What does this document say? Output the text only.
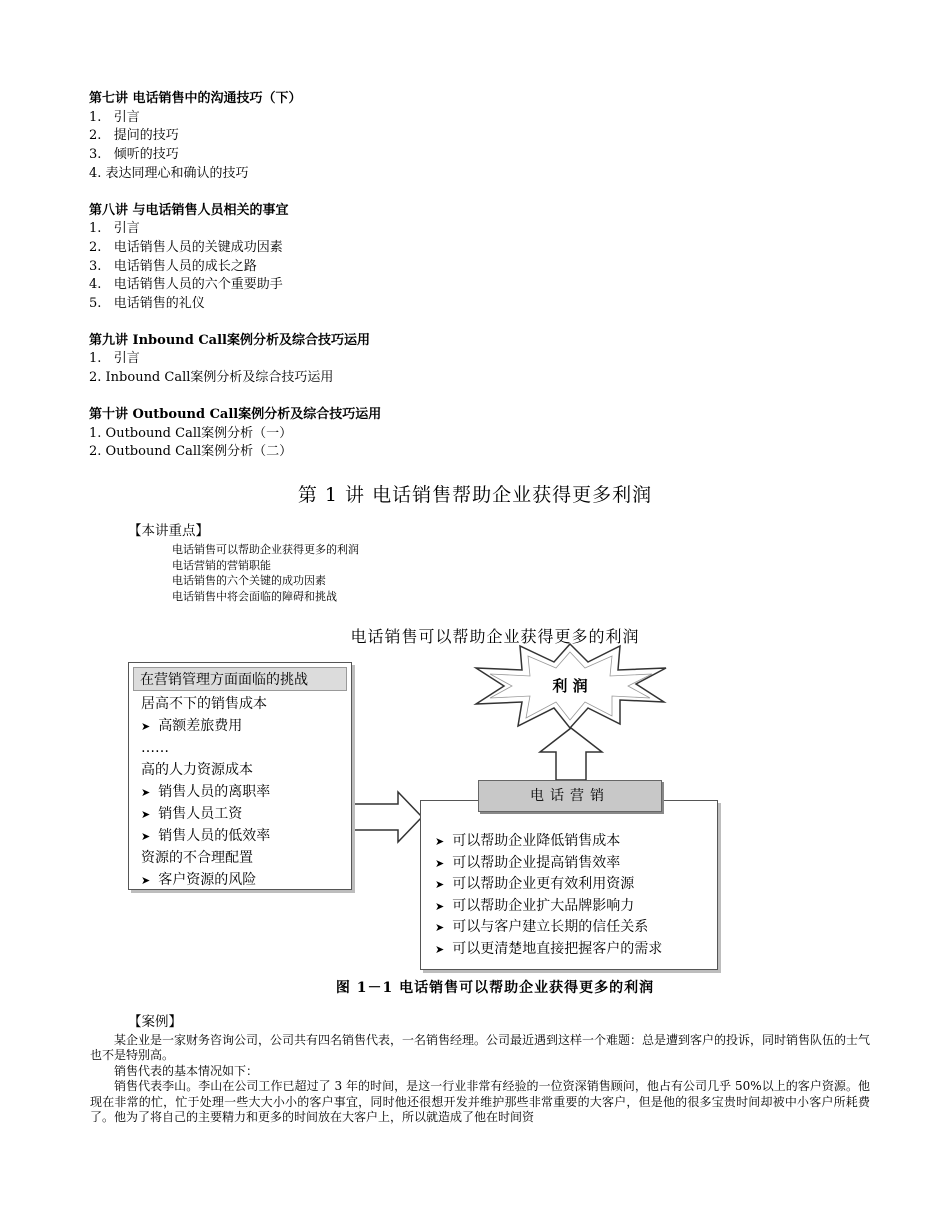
第七讲 电话销售中的沟通技巧（下）
1.   引言
2.   提问的技巧
3.   倾听的技巧
4. 表达同理心和确认的技巧
第八讲 与电话销售人员相关的事宜
1.   引言
2.   电话销售人员的关键成功因素
3.   电话销售人员的成长之路
4.   电话销售人员的六个重要助手
5.   电话销售的礼仪
第九讲 Inbound Call案例分析及综合技巧运用
1.   引言
2. Inbound Call案例分析及综合技巧运用
第十讲 Outbound Call案例分析及综合技巧运用
1. Outbound Call案例分析（一）
2. Outbound Call案例分析（二）
第 1 讲 电话销售帮助企业获得更多利润
【本讲重点】
电话销售可以帮助企业获得更多的利润
电话营销的营销职能
电话销售的六个关键的成功因素
电话销售中将会面临的障碍和挑战
电话销售可以帮助企业获得更多的利润
利 润
在营销管理方面面临的挑战
居高不下的销售成本
➤ 高额差旅费用
……
高的人力资源成本
➤ 销售人员的离职率
➤ 销售人员工资
➤ 销售人员的低效率
资源的不合理配置
➤ 客户资源的风险
➤ 可以帮助企业降低销售成本
➤ 可以帮助企业提高销售效率
➤ 可以帮助企业更有效利用资源
➤ 可以帮助企业扩大品牌影响力
➤ 可以与客户建立长期的信任关系
➤ 可以更清楚地直接把握客户的需求
电话营销
图 1－1 电话销售可以帮助企业获得更多的利润
【案例】

某企业是一家财务咨询公司，公司共有四名销售代表，一名销售经理。公司最近遇到这样一个难题：总是遭到客户的投诉，同时销售队伍的士气也不是特别高。

销售代表的基本情况如下：

销售代表李山。李山在公司工作已超过了 3 年的时间，是这一行业非常有经验的一位资深销售顾问，他占有公司几乎 50%以上的客户资源。他现在非常的忙，忙于处理一些大大小小的客户事宜，同时他还很想开发并维护那些非常重要的大客户，但是他的很多宝贵时间却被中小客户所耗费了。他为了将自己的主要精力和更多的时间放在大客户上，所以就造成了他在时间资
